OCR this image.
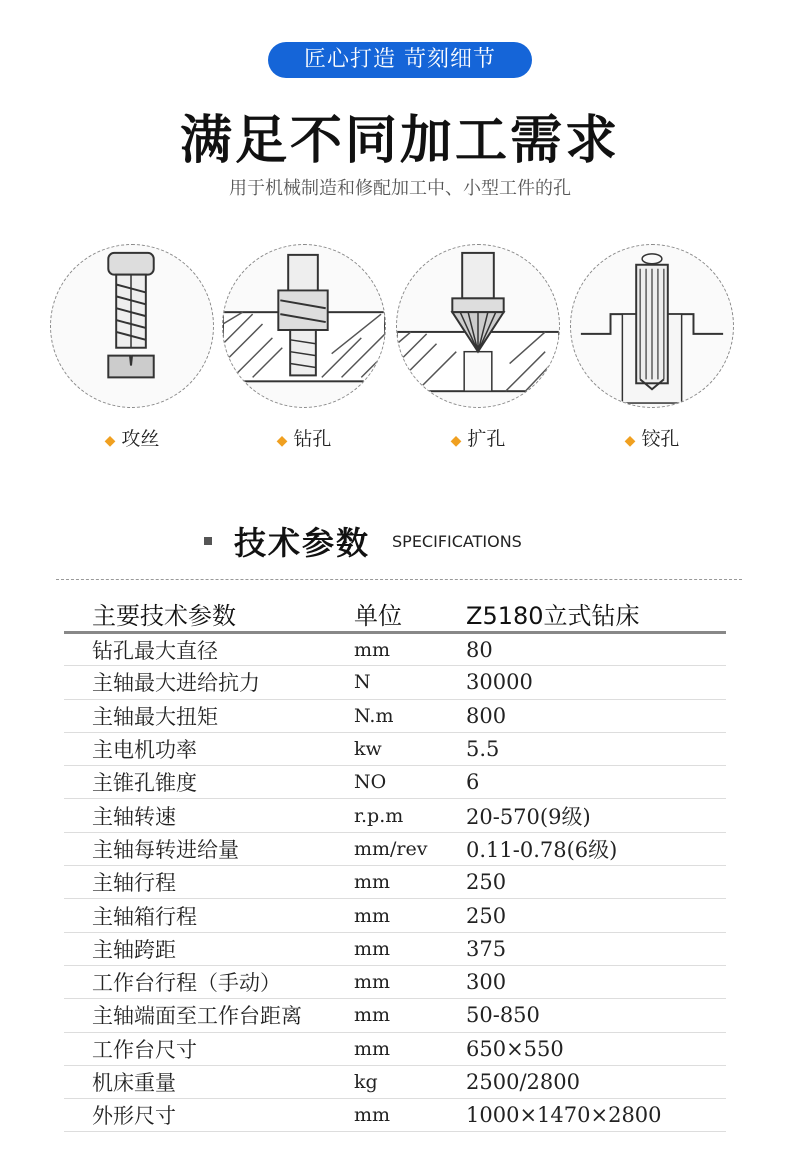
匠心打造 苛刻细节
满足不同加工需求

用于机械制造和修配加工中、小型工件的孔

◆ 攻丝	◆ 钻孔	◆ 扩孔	◆ 铰孔
技术参数 SPECIFICATIONS
主要技术参数	单位	Z5180立式钻床
钻孔最大直径	mm	80
主轴最大进给抗力	N	30000
主轴最大扭矩	N.m	800
主电机功率	kw	5.5
主锥孔锥度	NO	6
主轴转速	r.p.m	20-570(9级)
主轴每转进给量	mm/rev	0.11-0.78(6级)
主轴行程	mm	250
主轴箱行程	mm	250
主轴跨距	mm	375
工作台行程（手动）	mm	300
主轴端面至工作台距离	mm	50-850
工作台尺寸	mm	650×550
机床重量	kg	2500/2800
外形尺寸	mm	1000×1470×2800
